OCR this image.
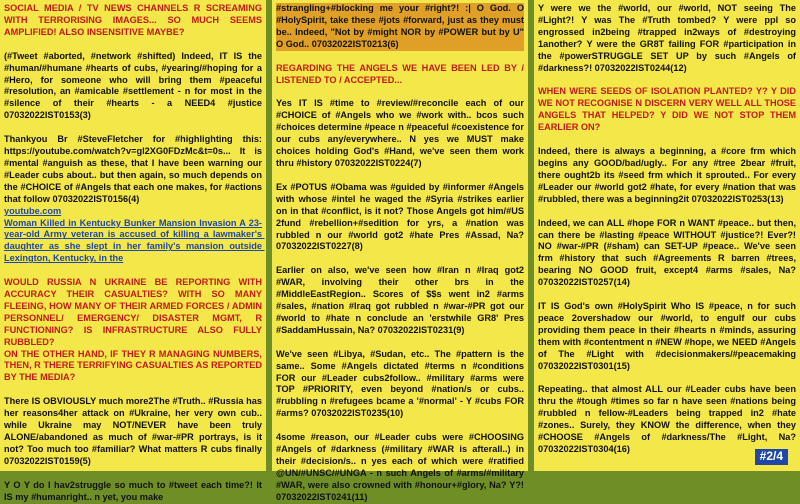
SOCIAL MEDIA / TV NEWS CHANNELS R SCREAMING WITH TERRORISING IMAGES... SO MUCH SEEMS AMPLIFIED! ALSO INSENSITIVE MAYBE?

(#Tweet #aborted, #network #shifted) Indeed, IT IS the #human/#humane #hearts of cubs, #yearing/#hoping for a #Hero, for someone who will bring them #peaceful #resolution, an #amicable #settlement - n for most in the #silence of their #hearts - a NEED4 #justice 07032022IST0153(3)

Thankyou Br #SteveFletcher for #highlighting this: https://youtube.com/watch?v=gl2XG0FDzMc&t=0s... It is #mental #anguish as these, that I have been warning our #Leader cubs about.. but then again, so much depends on the #CHOICE of #Angels that each one makes, for #actions that follow 07032022IST0156(4)

youtube.com

Woman Killed in Kentucky Bunker Mansion Invasion A 23-year-old Army veteran is accused of killing a lawmaker's daughter as she slept in her family's mansion outside Lexington, Kentucky, in the

WOULD RUSSIA N UKRAINE BE REPORTING WITH ACCURACY THEIR CASUALTIES? WITH SO MANY FLEEING, HOW MANY OF THEIR ARMED FORCES / ADMIN PERSONNEL/ EMERGENCY/ DISASTER MGMT, R FUNCTIONING? IS INFRASTRUCTURE ALSO FULLY RUBBLED?
ON THE OTHER HAND, IF THEY R MANAGING NUMBERS, THEN, R THERE TERRIFYING CASUALTIES AS REPORTED BY THE MEDIA?

There IS OBVIOUSLY much more2The #Truth.. #Russia has her reasons4her attack on #Ukraine, her very own cub.. while Ukraine may NOT/NEVER have been truly ALONE/abandoned as much of #war-#PR portrays, is it not? Too much too #familiar? What matters R cubs finally 07032022IST0159(5)

Y O Y do I hav2struggle so much to #tweet each time?! It IS my #humanright.. n yet, you make

#strangling+#blocking me your #right?! :| O God. O #HolySpirit, take these #jots #forward, just as they must be.. Indeed, "Not by #might NOR by #POWER but by U" O God.. 07032022IST0213(6)

REGARDING THE ANGELS WE HAVE BEEN LED BY / LISTENED TO / ACCEPTED...

Yes IT IS #time to #review/#reconcile each of our #CHOICE of #Angels who we #work with.. bcos such #choices determine #peace n #peaceful #coexistence for our cubs any/everywhere.. N yes we MUST make choices holding God's #Hand, we've seen them work thru #history 07032022IST0224(7)

Ex #POTUS #Obama was #guided by #informer #Angels with whose #intel he waged the #Syria #strikes earlier on in that #conflict, is it not? Those Angels got him/#US 2fund #rebellion+#sedition for yrs, a #nation was rubbled n our #world got2 #hate Pres #Assad, Na? 07032022IST0227(8)

Earlier on also, we've seen how #Iran n #Iraq got2 #WAR, involving their other brs in the #MiddleEastRegion.. Scores of $$s went in2 #arms #sales, #nation #Iraq got rubbled n #war-#PR got our #world to #hate n conclude an 'erstwhile GR8' Pres #SaddamHussain, Na? 07032022IST0231(9)

We've seen #Libya, #Sudan, etc.. The #pattern is the same.. Some #Angels dictated #terms n #conditions FOR our #Leader cubs2follow.. #military #arms were TOP #PRIORITY, even beyond #nation/s or cubs.. #rubbling n #refugees bcame a '#normal' - Y #cubs FOR #arms? 07032022IST0235(10)

4some #reason, our #Leader cubs were #CHOOSING #Angels of #darkness (#military #WAR is afterall..) in their #decision/s.. n yes each of which were #ratified @UN/#UNSC/#UNGA - n such Angels of #arms/#military #WAR, were also crowned with #honour+#glory, Na? Y?! 07032022IST0241(11)

Y were we the #world, our #world, NOT seeing The #Light?! Y was The #Truth tombed? Y were ppl so engrossed in2being #trapped in2ways of #destroying 1another? Y were the GR8T failing FOR #participation in the #powerSTRUGGLE SET UP by such #Angels of #darkness?! 07032022IST0244(12)

WHEN WERE SEEDS OF ISOLATION PLANTED? Y? Y DID WE NOT RECOGNISE N DISCERN VERY WELL ALL THOSE ANGELS THAT HELPED? Y DID WE NOT STOP THEM EARLIER ON?

Indeed, there is always a beginning, a #core frm which begins any GOOD/bad/ugly.. For any #tree 2bear #fruit, there ought2b its #seed frm which it sprouted.. For every #Leader our #world got2 #hate, for every #nation that was #rubbled, there was a beginning2it 07032022IST0253(13)

Indeed, we can ALL #hope FOR n WANT #peace.. but then, can there be #lasting #peace WITHOUT #justice?! Ever?! NO #war-#PR (#sham) can SET-UP #peace.. We've seen frm #history that such #Agreements R barren #trees, bearing NO GOOD fruit, except4 #arms #sales, Na? 07032022IST0257(14)

IT IS God's own #HolySpirit Who IS #peace, n for such peace 2overshadow our #world, to engulf our cubs providing them peace in their #hearts n #minds, assuring them with #contentment n #NEW #hope, we NEED #Angels of The #Light with #decisionmakers/#peacemaking 07032022IST0301(15)

Repeating.. that almost ALL our #Leader cubs have been thru the #tough #times so far n have seen #nations being #rubbled n fellow-#Leaders being trapped in2 #hate #zones.. Surely, they KNOW the difference, when they #CHOOSE #Angels of #darkness/The #Light, Na? 07032022IST0304(16)

#2/4
